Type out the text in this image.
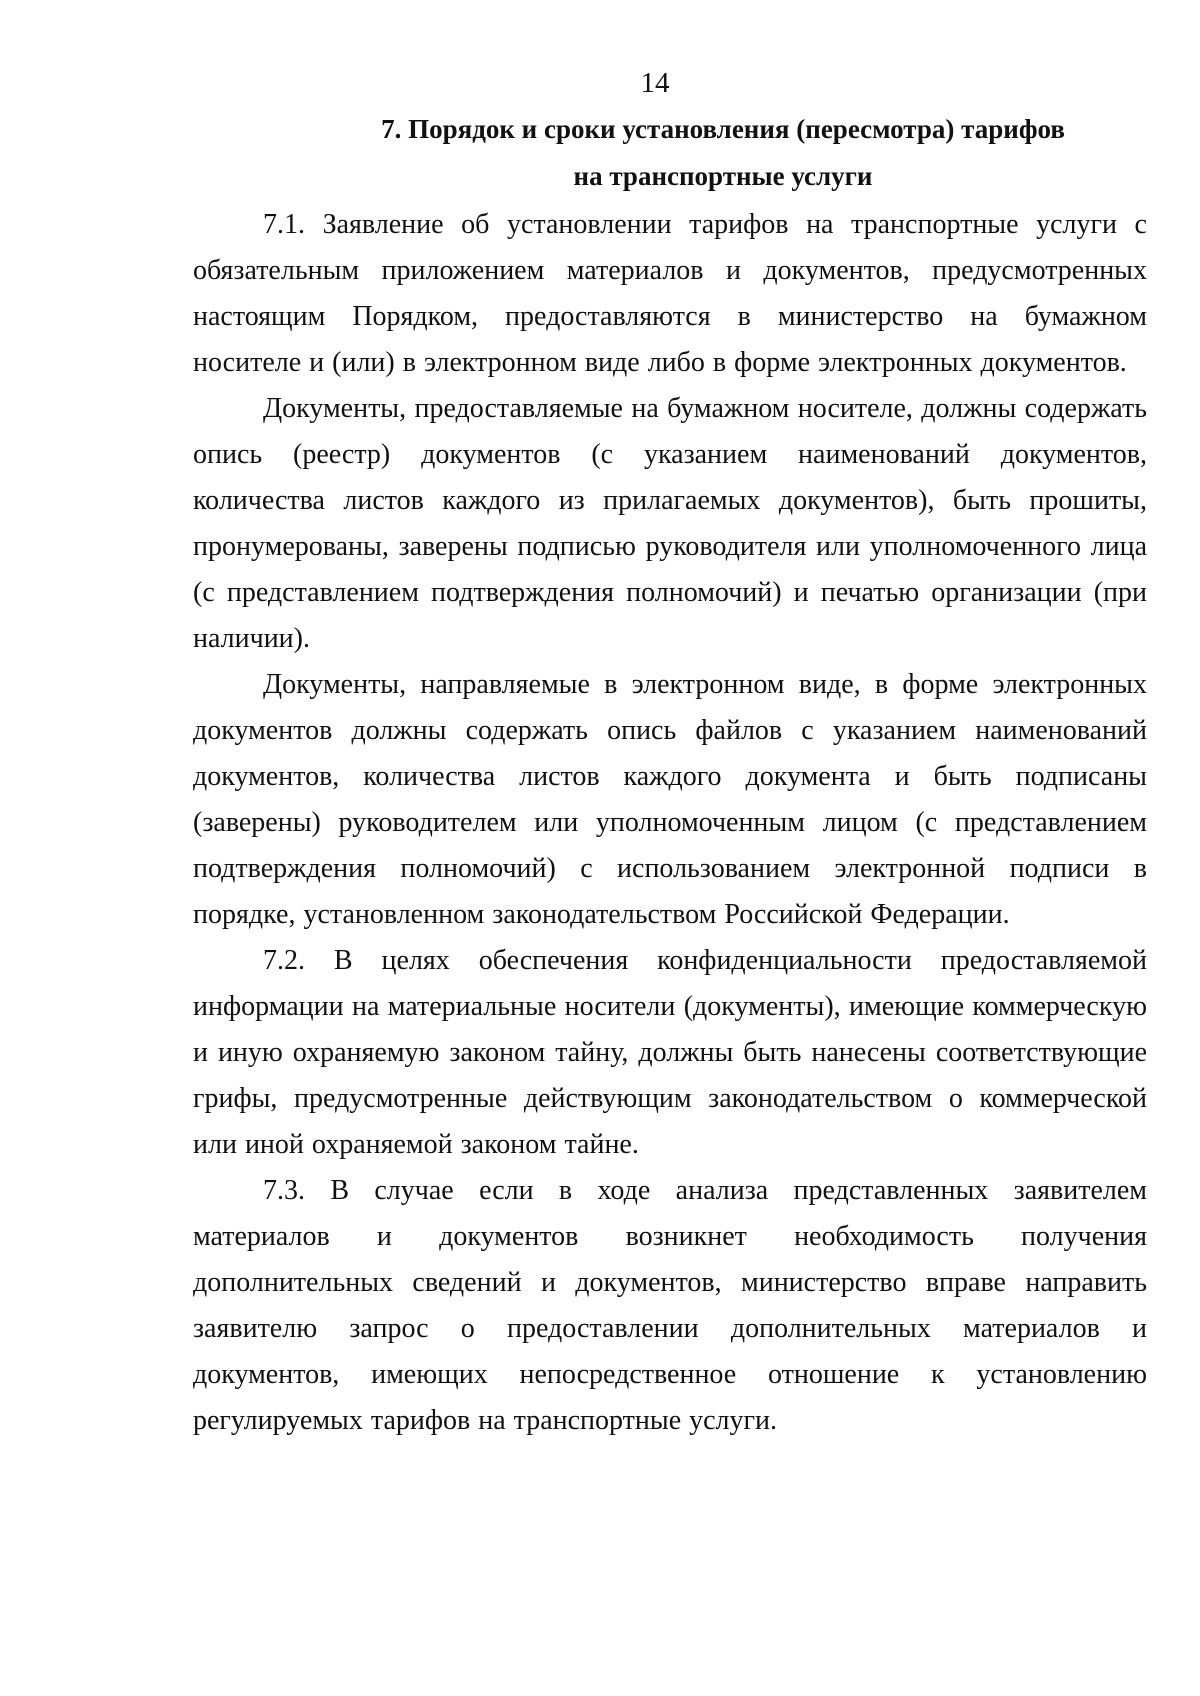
14
7. Порядок и сроки установления (пересмотра) тарифов
на транспортные услуги

7.1. Заявление об установлении тарифов на транспортные услуги с обязательным приложением материалов и документов, предусмотренных настоящим Порядком, предоставляются в министерство на бумажном носителе и (или) в электронном виде либо в форме электронных документов.

Документы, предоставляемые на бумажном носителе, должны содержать опись (реестр) документов (с указанием наименований документов, количества листов каждого из прилагаемых документов), быть прошиты, пронумерованы, заверены подписью руководителя или уполномоченного лица (с представлением подтверждения полномочий) и печатью организации (при наличии).

Документы, направляемые в электронном виде, в форме электронных документов должны содержать опись файлов с указанием наименований документов, количества листов каждого документа и быть подписаны (заверены) руководителем или уполномоченным лицом (с представлением подтверждения полномочий) с использованием электронной подписи в порядке, установленном законодательством Российской Федерации.

7.2. В целях обеспечения конфиденциальности предоставляемой информации на материальные носители (документы), имеющие коммерческую и иную охраняемую законом тайну, должны быть нанесены соответствующие грифы, предусмотренные действующим законодательством о коммерческой или иной охраняемой законом тайне.

7.3. В случае если в ходе анализа представленных заявителем материалов и документов возникнет необходимость получения дополнительных сведений и документов, министерство вправе направить заявителю запрос о предоставлении дополнительных материалов и документов, имеющих непосредственное отношение к установлению регулируемых тарифов на транспортные услуги.
